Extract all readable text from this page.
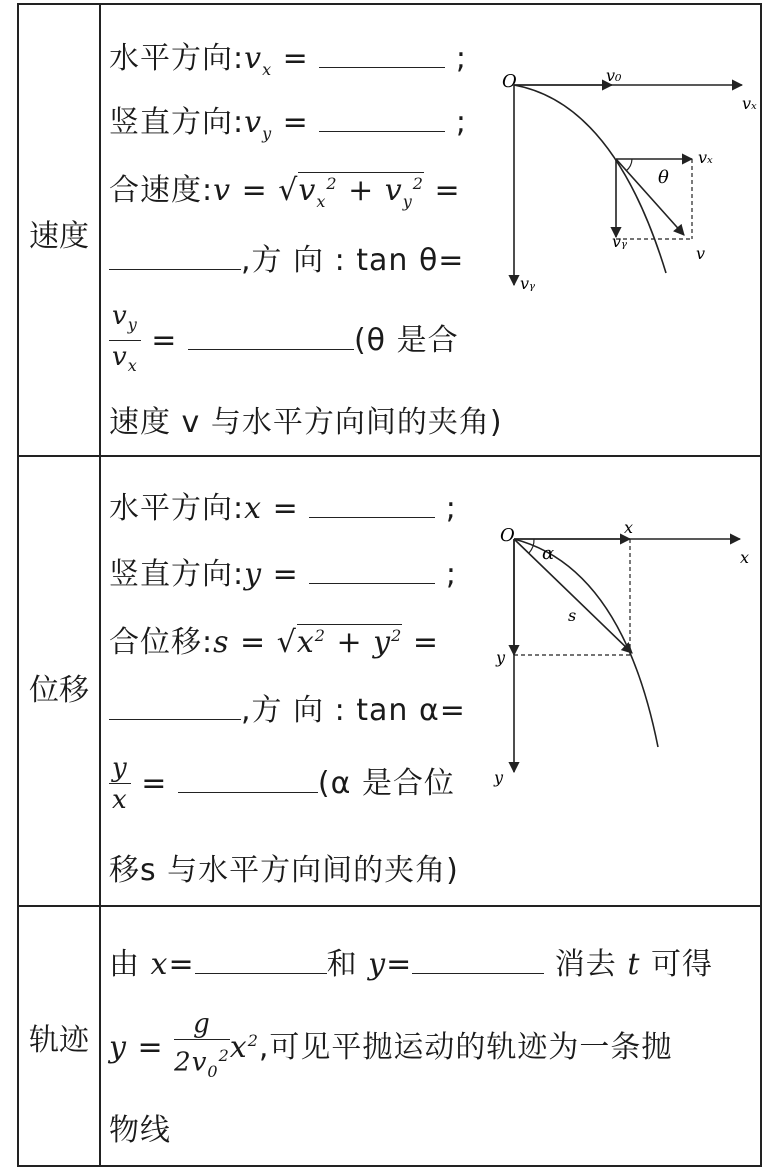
速度
水平方向$:v_x$ =	;
竖直方向$:v_y$ =	;
合速度:v = $√v_x^2 + v_y^2$ =
,方 向 : tan θ=
$\frac{v_y}{v_x}$ =	(θ 是合
速度 v 与水平方向间的夹角)
O	v₀
vₓ
vₓ
θ
vᵧ
v
vᵧ
位移
水平方向:x =	;
竖直方向:y =	;
合位移:s = $√x^2 + y^2$ =
,方 向 : tan α=
$\frac{y}{x}$ =	(α 是合位
移s 与水平方向间的夹角)
O	x
x
α
s
y
y
轨迹
由 x=	和 y=	消去 t 可得
$y = \frac{g}{2v_0^2} x^2$,可见平抛运动的轨迹为一条抛
物线
